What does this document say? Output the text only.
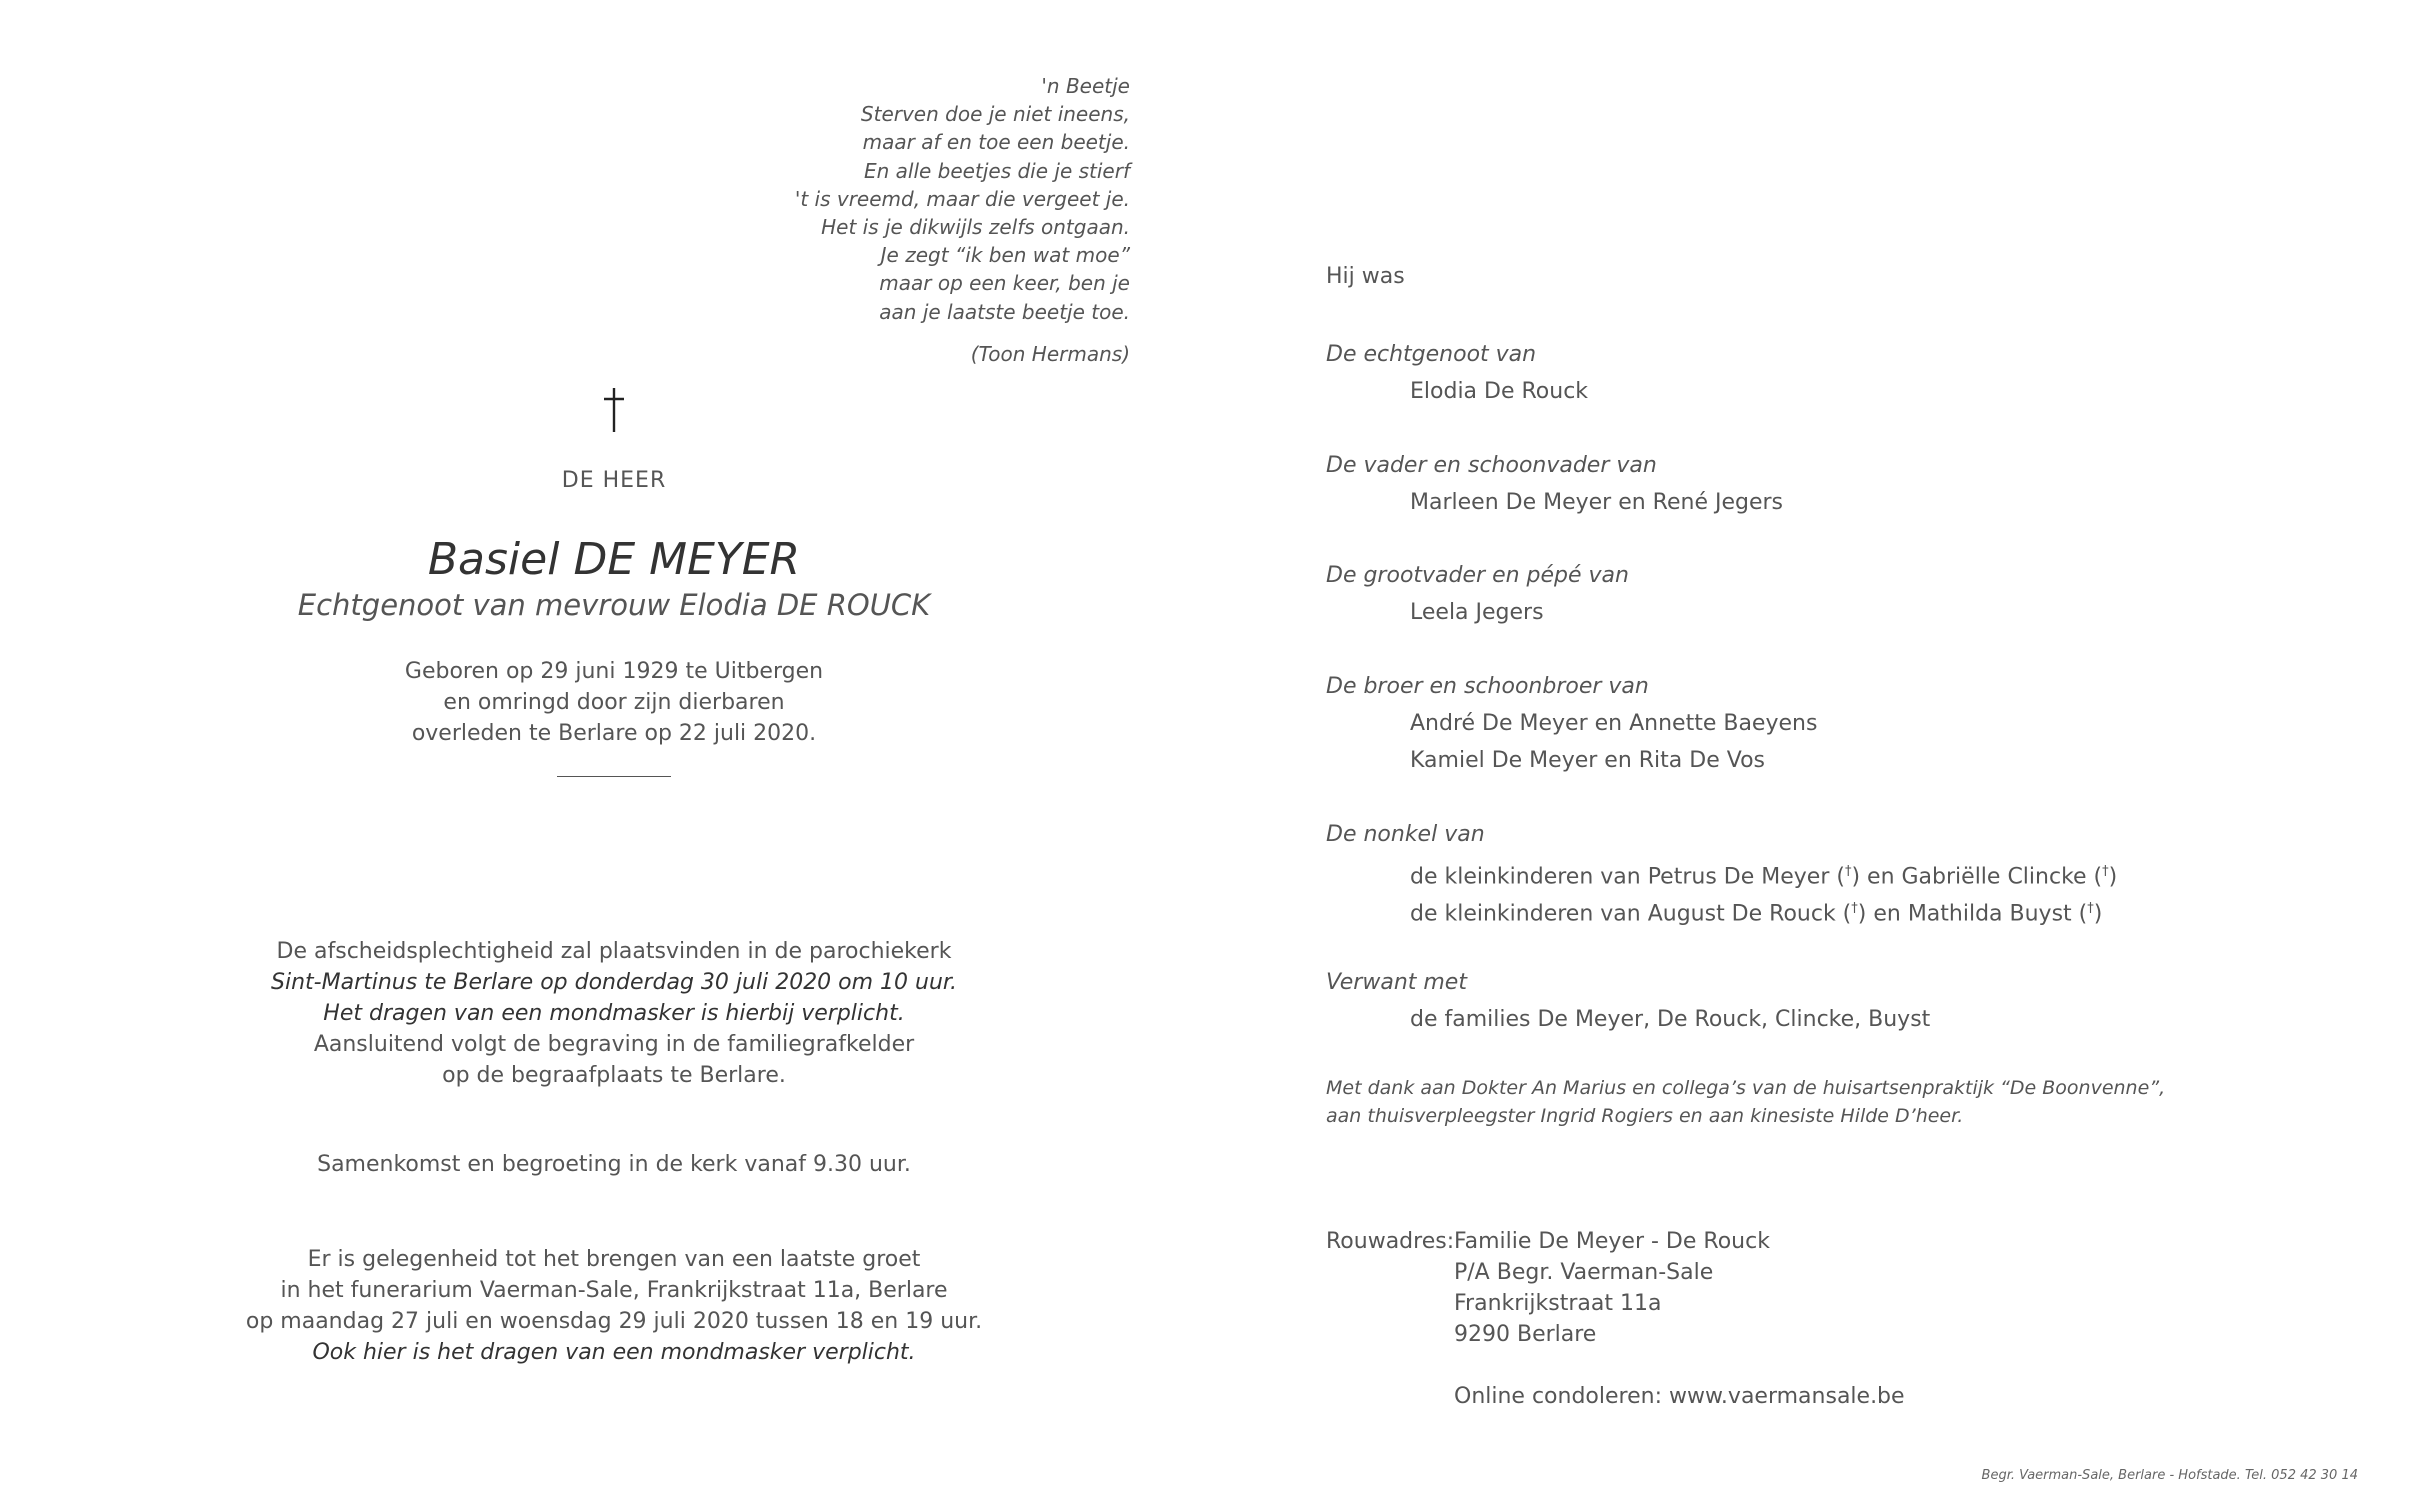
'n Beetje
Sterven doe je niet ineens,
maar af en toe een beetje.
En alle beetjes die je stierf
't is vreemd, maar die vergeet je.
Het is je dikwijls zelfs ontgaan.
Je zegt “ik ben wat moe”
maar op een keer, ben je
aan je laatste beetje toe.
(Toon Hermans)
DE HEER
Basiel DE MEYER
Echtgenoot van mevrouw Elodia DE ROUCK
Geboren op 29 juni 1929 te Uitbergen
en omringd door zijn dierbaren
overleden te Berlare op 22 juli 2020.
De afscheidsplechtigheid zal plaatsvinden in de parochiekerk
Sint-Martinus te Berlare op donderdag 30 juli 2020 om 10 uur.
Het dragen van een mondmasker is hierbij verplicht.
Aansluitend volgt de begraving in de familiegrafkelder
op de begraafplaats te Berlare.
Samenkomst en begroeting in de kerk vanaf 9.30 uur.
Er is gelegenheid tot het brengen van een laatste groet
in het funerarium Vaerman-Sale, Frankrijkstraat 11a, Berlare
op maandag 27 juli en woensdag 29 juli 2020 tussen 18 en 19 uur.
Ook hier is het dragen van een mondmasker verplicht.
Hij was
De echtgenoot van
Elodia De Rouck
De vader en schoonvader van
Marleen De Meyer en René Jegers
De grootvader en pépé van
Leela Jegers
De broer en schoonbroer van
André De Meyer en Annette Baeyens
Kamiel De Meyer en Rita De Vos
De nonkel van
de kleinkinderen van Petrus De Meyer (†) en Gabriëlle Clincke (†)
de kleinkinderen van August De Rouck (†) en Mathilda Buyst (†)
Verwant met
de families De Meyer, De Rouck, Clincke, Buyst
Met dank aan Dokter An Marius en collega’s van de huisartsenpraktijk “De Boonvenne”,
aan thuisverpleegster Ingrid Rogiers en aan kinesiste Hilde D’heer.
Rouwadres: Familie De Meyer - De Rouck
P/A Begr. Vaerman-Sale
Frankrijkstraat 11a
9290 Berlare
Online condoleren: www.vaermansale.be
Begr. Vaerman-Sale, Berlare - Hofstade. Tel. 052 42 30 14
